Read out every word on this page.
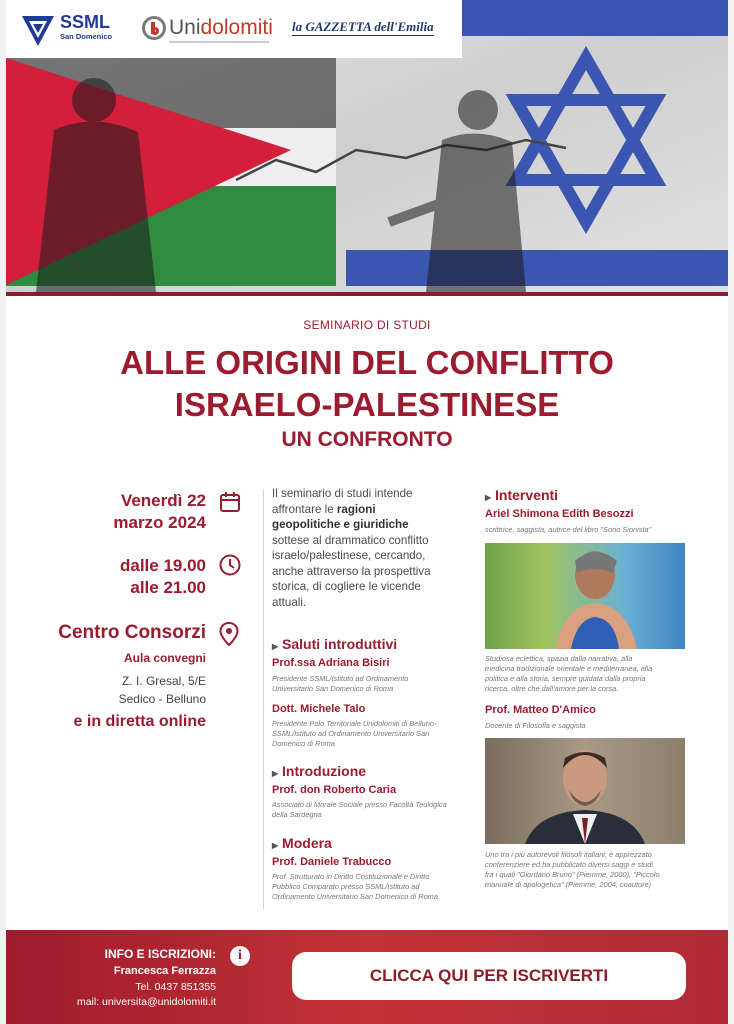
SSML
San Domenico	Unidolomiti la GAZZETTA dell'Emilia
SEMINARIO DI STUDI
ALLE ORIGINI DEL CONFLITTO
ISRAELO-PALESTINESE
UN CONFRONTO
Venerdì 22
marzo 2024
dalle 19.00
alle 21.00
Centro Consorzi
Aula convegni
Z. I. Gresal, 5/E
Sedico - Belluno
e in diretta online
Il seminario di studi intende
affrontare le ragioni
geopolitiche e giuridiche
sottese al drammatico conflitto
israelo/palestinese, cercando,
anche attraverso la prospettiva
storica, di cogliere le vicende
attuali.
▶ Saluti introduttivi
Prof.ssa Adriana Bisiri
Presidente SSML/Istituto ad Ordinamento
Universitario San Domenico di Roma
Dott. Michele Talo
Presidente Polo Territoriale Unidolomiti di Belluno-
SSML/Istituto ad Ordinamento Universitario San
Domenico di Roma
▶ Introduzione
Prof. don Roberto Caria
Associato di Morale Sociale presso Facoltà Teologica
della Sardegna
▶ Modera
Prof. Daniele Trabucco
Prof. Strutturato in Diritto Costituzionale e Diritto
Pubblico Comparato presso SSML/Istituto ad
Ordinamento Universitario San Domenico di Roma
▶ Interventi
Ariel Shimona Edith Besozzi
scrittrice, saggista, autrice del libro "Sono Sionista"
Studiosa eclettica, spazia dalla narrativa, alla
medicina tradizionale orientale e mediterranea, alla
politica e alla storia, sempre guidata dalla propria
ricerca, oltre che dall'amore per la corsa.
Prof. Matteo D'Amico
Docente di Filosofia e saggista
Uno tra i più autorevoli filosofi italiani, è apprezzato
conferenziere ed ha pubblicato diversi saggi e studi
fra i quali "Giordano Bruno" (Piemme, 2000), "Piccolo
manuale di apologetica" (Piemme, 2004, coautore)
INFO E ISCRIZIONI:	i
Francesca Ferrazza
Tel. 0437 851355
mail: universita@unidolomiti.it
CLICCA QUI PER ISCRIVERTI
